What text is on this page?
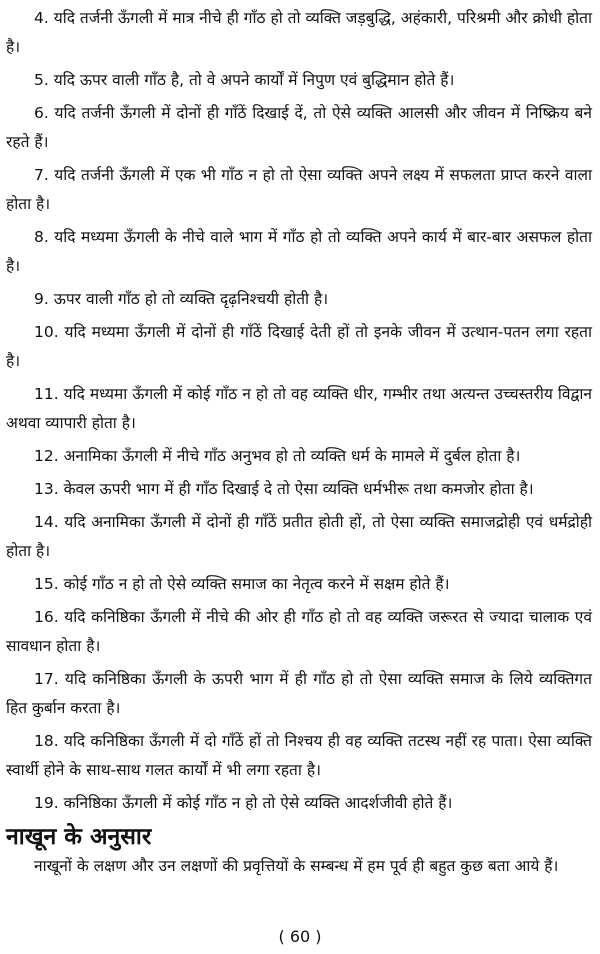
4. यदि तर्जनी ऊँगली में मात्र नीचे ही गाँठ हो तो व्यक्ति जड़बुद्धि, अहंकारी, परिश्रमी और क्रोधी होता है।

5. यदि ऊपर वाली गाँठ है, तो वे अपने कार्यों में निपुण एवं बुद्धिमान होते हैं।

6. यदि तर्जनी ऊँगली में दोनों ही गाँठें दिखाई दें, तो ऐसे व्यक्ति आलसी और जीवन में निष्क्रिय बने रहते हैं।

7. यदि तर्जनी ऊँगली में एक भी गाँठ न हो तो ऐसा व्यक्ति अपने लक्ष्य में सफलता प्राप्त करने वाला होता है।

8. यदि मध्यमा ऊँगली के नीचे वाले भाग में गाँठ हो तो व्यक्ति अपने कार्य में बार-बार असफल होता है।

9. ऊपर वाली गाँठ हो तो व्यक्ति दृढ़निश्चयी होती है।

10. यदि मध्यमा ऊँगली में दोनों ही गाँठें दिखाई देती हों तो इनके जीवन में उत्थान-पतन लगा रहता है।

11. यदि मध्यमा ऊँगली में कोई गाँठ न हो तो वह व्यक्ति धीर, गम्भीर तथा अत्यन्त उच्चस्तरीय विद्वान अथवा व्यापारी होता है।

12. अनामिका ऊँगली में नीचे गाँठ अनुभव हो तो व्यक्ति धर्म के मामले में दुर्बल होता है।

13. केवल ऊपरी भाग में ही गाँठ दिखाई दे तो ऐसा व्यक्ति धर्मभीरू तथा कमजोर होता है।

14. यदि अनामिका ऊँगली में दोनों ही गाँठें प्रतीत होती हों, तो ऐसा व्यक्ति समाजद्रोही एवं धर्मद्रोही होता है।

15. कोई गाँठ न हो तो ऐसे व्यक्ति समाज का नेतृत्व करने में सक्षम होते हैं।

16. यदि कनिष्ठिका ऊँगली में नीचे की ओर ही गाँठ हो तो वह व्यक्ति जरूरत से ज्यादा चालाक एवं सावधान होता है।

17. यदि कनिष्ठिका ऊँगली के ऊपरी भाग में ही गाँठ हो तो ऐसा व्यक्ति समाज के लिये व्यक्तिगत हित कुर्बान करता है।

18. यदि कनिष्ठिका ऊँगली में दो गाँठें हों तो निश्चय ही वह व्यक्ति तटस्थ नहीं रह पाता। ऐसा व्यक्ति स्वार्थी होने के साथ-साथ गलत कार्यों में भी लगा रहता है।

19. कनिष्ठिका ऊँगली में कोई गाँठ न हो तो ऐसे व्यक्ति आदर्शजीवी होते हैं।

नाखून के अनुसार

नाखूनों के लक्षण और उन लक्षणों की प्रवृत्तियों के सम्बन्ध में हम पूर्व ही बहुत कुछ बता आये हैं।

( 60 )
